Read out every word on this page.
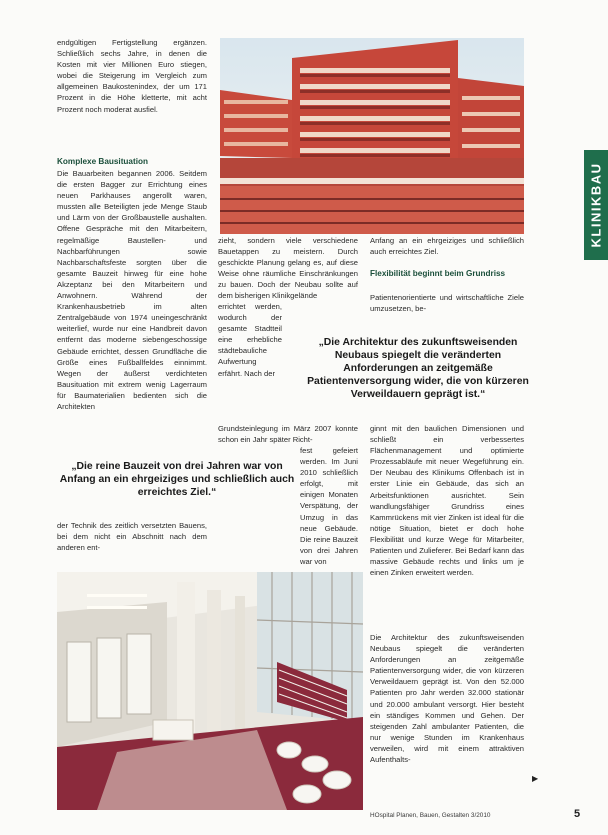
endgültigen Fertigstellung ergänzen. Schließlich sechs Jahre, in denen die Kosten mit vier Millionen Euro stiegen, wobei die Steigerung im Vergleich zum allgemeinen Baukostenindex, der um 171 Prozent in die Höhe kletterte, mit acht Prozent noch moderat ausfiel.

Komplexe Bausituation

Die Bauarbeiten begannen 2006. Seitdem die ersten Bagger zur Errichtung eines neuen Parkhauses angerollt waren, mussten alle Beteiligten jede Menge Staub und Lärm von der Großbaustelle aushalten. Offene Gespräche mit den Mitarbeitern, regelmäßige Baustellen- und Nachbarführungen sowie Nachbarschaftsfeste sorgten über die gesamte Bauzeit hinweg für eine hohe Akzeptanz bei den Mitarbeitern und Anwohnern. Während der Krankenhausbetrieb im alten Zentralgebäude von 1974 uneingeschränkt weiterlief, wurde nur eine Handbreit davon entfernt das moderne siebengeschossige Gebäude errichtet, dessen Grundfläche die Größe eines Fußballfeldes einnimmt. Wegen der äußerst verdichteten Bausituation mit extrem wenig Lagerraum für Baumaterialien bedienten sich die Architekten

KLINIKBAU

zieht, sondern viele verschiedene Bauetappen zu meistern. Durch geschickte Planung gelang es, auf diese Weise ohne räumliche Einschränkungen zu bauen. Doch der Neubau sollte auf dem bisherigen Klinikgelände

errichtet werden, wodurch der gesamte Stadtteil eine erhebliche städtebauliche Aufwertung erfährt. Nach der

Grundsteinlegung im März 2007 konnte schon ein Jahr später Richt-

fest gefeiert werden. Im Juni 2010 schließlich erfolgt, mit einigen Monaten Verspätung, der Umzug in das neue Gebäude. Die reine Bauzeit von drei Jahren war von

„Die reine Bauzeit von drei Jahren war von Anfang an ein ehrgeiziges und schließlich auch erreichtes Ziel.“

der Technik des zeitlich versetzten Bauens, bei dem nicht ein Abschnitt nach dem anderen ent-

Anfang an ein ehrgeiziges und schließlich auch erreichtes Ziel.

Flexibilität beginnt beim Grundriss

Patientenorientierte und wirtschaftliche Ziele umzusetzen, be-

„Die Architektur des zukunftsweisenden Neubaus spiegelt die veränderten Anforderungen an zeitgemäße Patientenversorgung wider, die von kürzeren Verweildauern geprägt ist.“

ginnt mit den baulichen Dimensionen und schließt ein verbessertes Flächenmanagement und optimierte Prozessabläufe mit neuer Wegeführung ein. Der Neubau des Klinikums Offenbach ist in erster Linie ein Gebäude, das sich an Arbeitsfunktionen ausrichtet. Sein wandlungsfähiger Grundriss eines Kammrückens mit vier Zinken ist ideal für die nötige Situation, bietet er doch hohe Flexibilität und kurze Wege für Mitarbeiter, Patienten und Zulieferer. Bei Bedarf kann das massive Gebäude rechts und links um je einen Zinken erweitert werden.

Die Architektur des zukunftsweisenden Neubaus spiegelt die veränderten Anforderungen an zeitgemäße Patientenversorgung wider, die von kürzeren Verweildauern geprägt ist. Von den 52.000 Patienten pro Jahr werden 32.000 stationär und 20.000 ambulant versorgt. Hier besteht ein ständiges Kommen und Gehen. Der steigenden Zahl ambulanter Patienten, die nur wenige Stunden im Krankenhaus verweilen, wird mit einem attraktiven Aufenthalts-

▶
HOspital Planen, Bauen, Gestalten 3/2010	5
